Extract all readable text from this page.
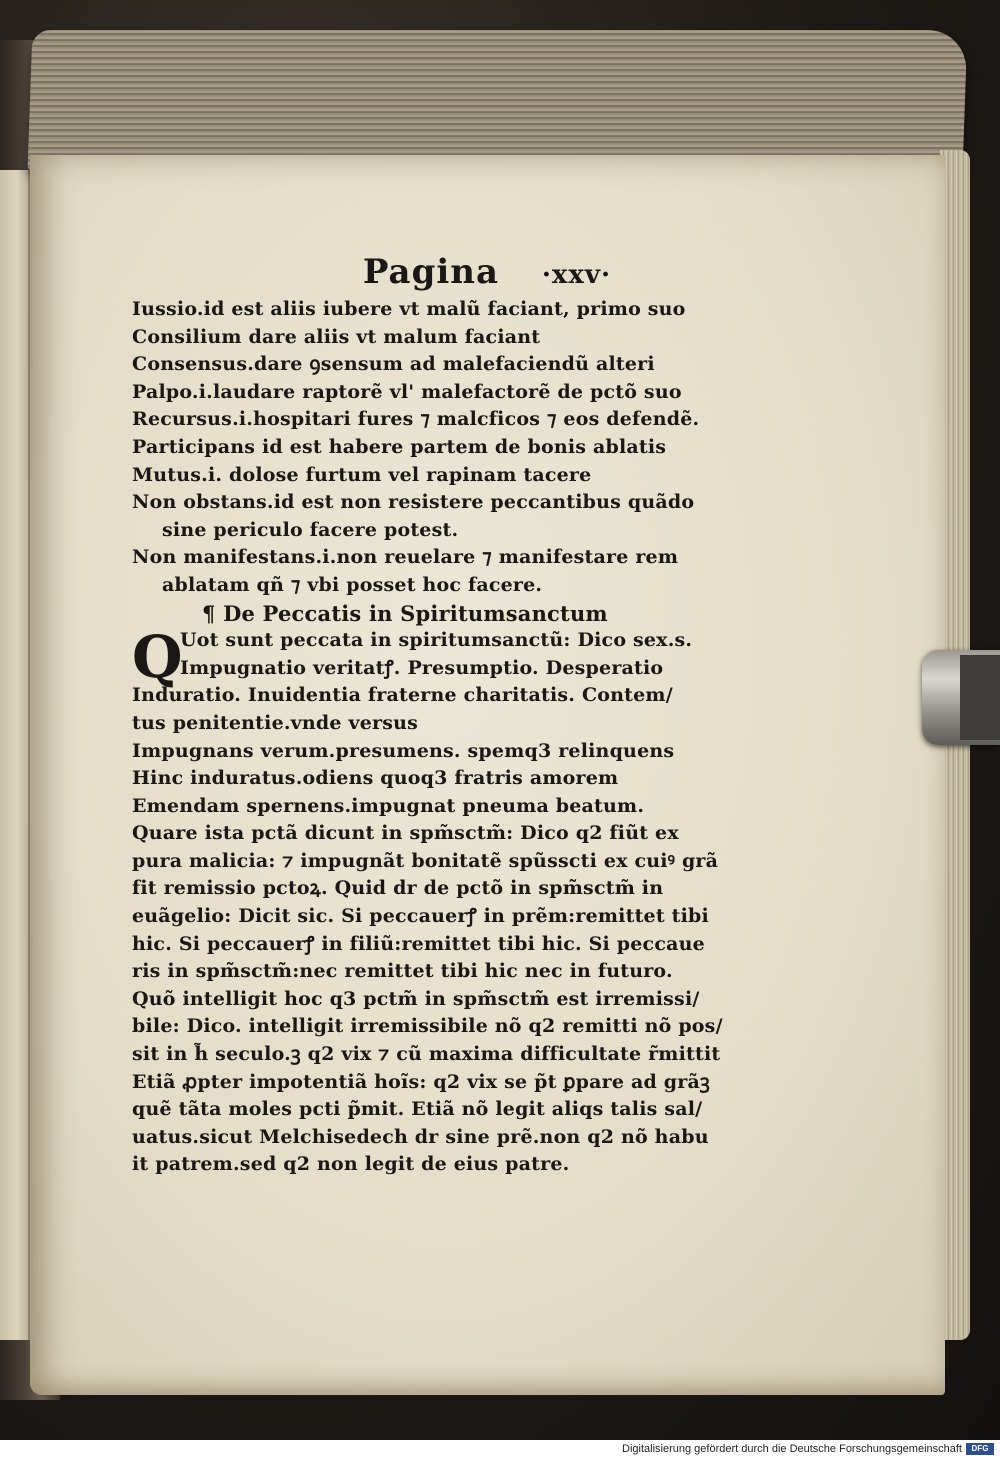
Pagina ·xxv·
Iussio.id est aliis iubere vt malũ faciant, primo suo
Consilium dare aliis vt malum faciant
Consensus.dare ꝯsensum ad malefaciendũ alteri
Palpo.i.laudare raptorẽ vl' malefactorẽ de pctõ suo
Recursus.i.hospitari fures ⁊ malcficos ⁊ eos defendẽ.
Participans id est habere partem de bonis ablatis
Mutus.i. dolose furtum vel rapinam tacere
Non obstans.id est non resistere peccantibus quãdo
sine periculo facere potest.
Non manifestans.i.non reuelare ⁊ manifestare rem
ablatam qñ ⁊ vbi posset hoc facere.
¶ De Peccatis in Spiritumsanctum
Q
Uot sunt peccata in spiritumsanctũ: Dico sex.s.
Impugnatio veritatꝭ. Presumptio. Desperatio
Induratio. Inuidentia fraterne charitatis. Contem/
tus penitentie.vnde versus
Impugnans verum.presumens. spemq3 relinquens
Hinc induratus.odiens quoq3 fratris amorem
Emendam spernens.impugnat pneuma beatum.
Quare ista pctã dicunt in spm̃sctm̃: Dico q2 fiũt ex
pura malicia: ⁊ impugnãt bonitatẽ spũsscti ex cuiꝰ grã
fit remissio pctoꝝ. Quid dr de pctõ in spm̃sctm̃ in
euãgelio: Dicit sic. Si peccauerꝭ in prẽm:remittet tibi
hic. Si peccauerꝭ in filiũ:remittet tibi hic. Si peccaue
ris in spm̃sctm̃:nec remittet tibi hic nec in futuro.
Quõ intelligit hoc q3 pctm̃ in spm̃sctm̃ est irremissi/
bile: Dico. intelligit irremissibile nõ q2 remitti nõ pos/
sit in h̃ seculo.ꝫ q2 vix ⁊ cũ maxima difficultate r̃mittit
Etiã ꝓpter impotentiã hoĩs: q2 vix se p̃t ꝑpare ad grãꝫ
quẽ tãta moles pcti p̃mit. Etiã nõ legit aliqs talis sal/
uatus.sicut Melchisedech dr sine prẽ.non q2 nõ habu
it patrem.sed q2 non legit de eius patre.
Digitalisierung gefördert durch die Deutsche Forschungsgemeinschaft	DFG
